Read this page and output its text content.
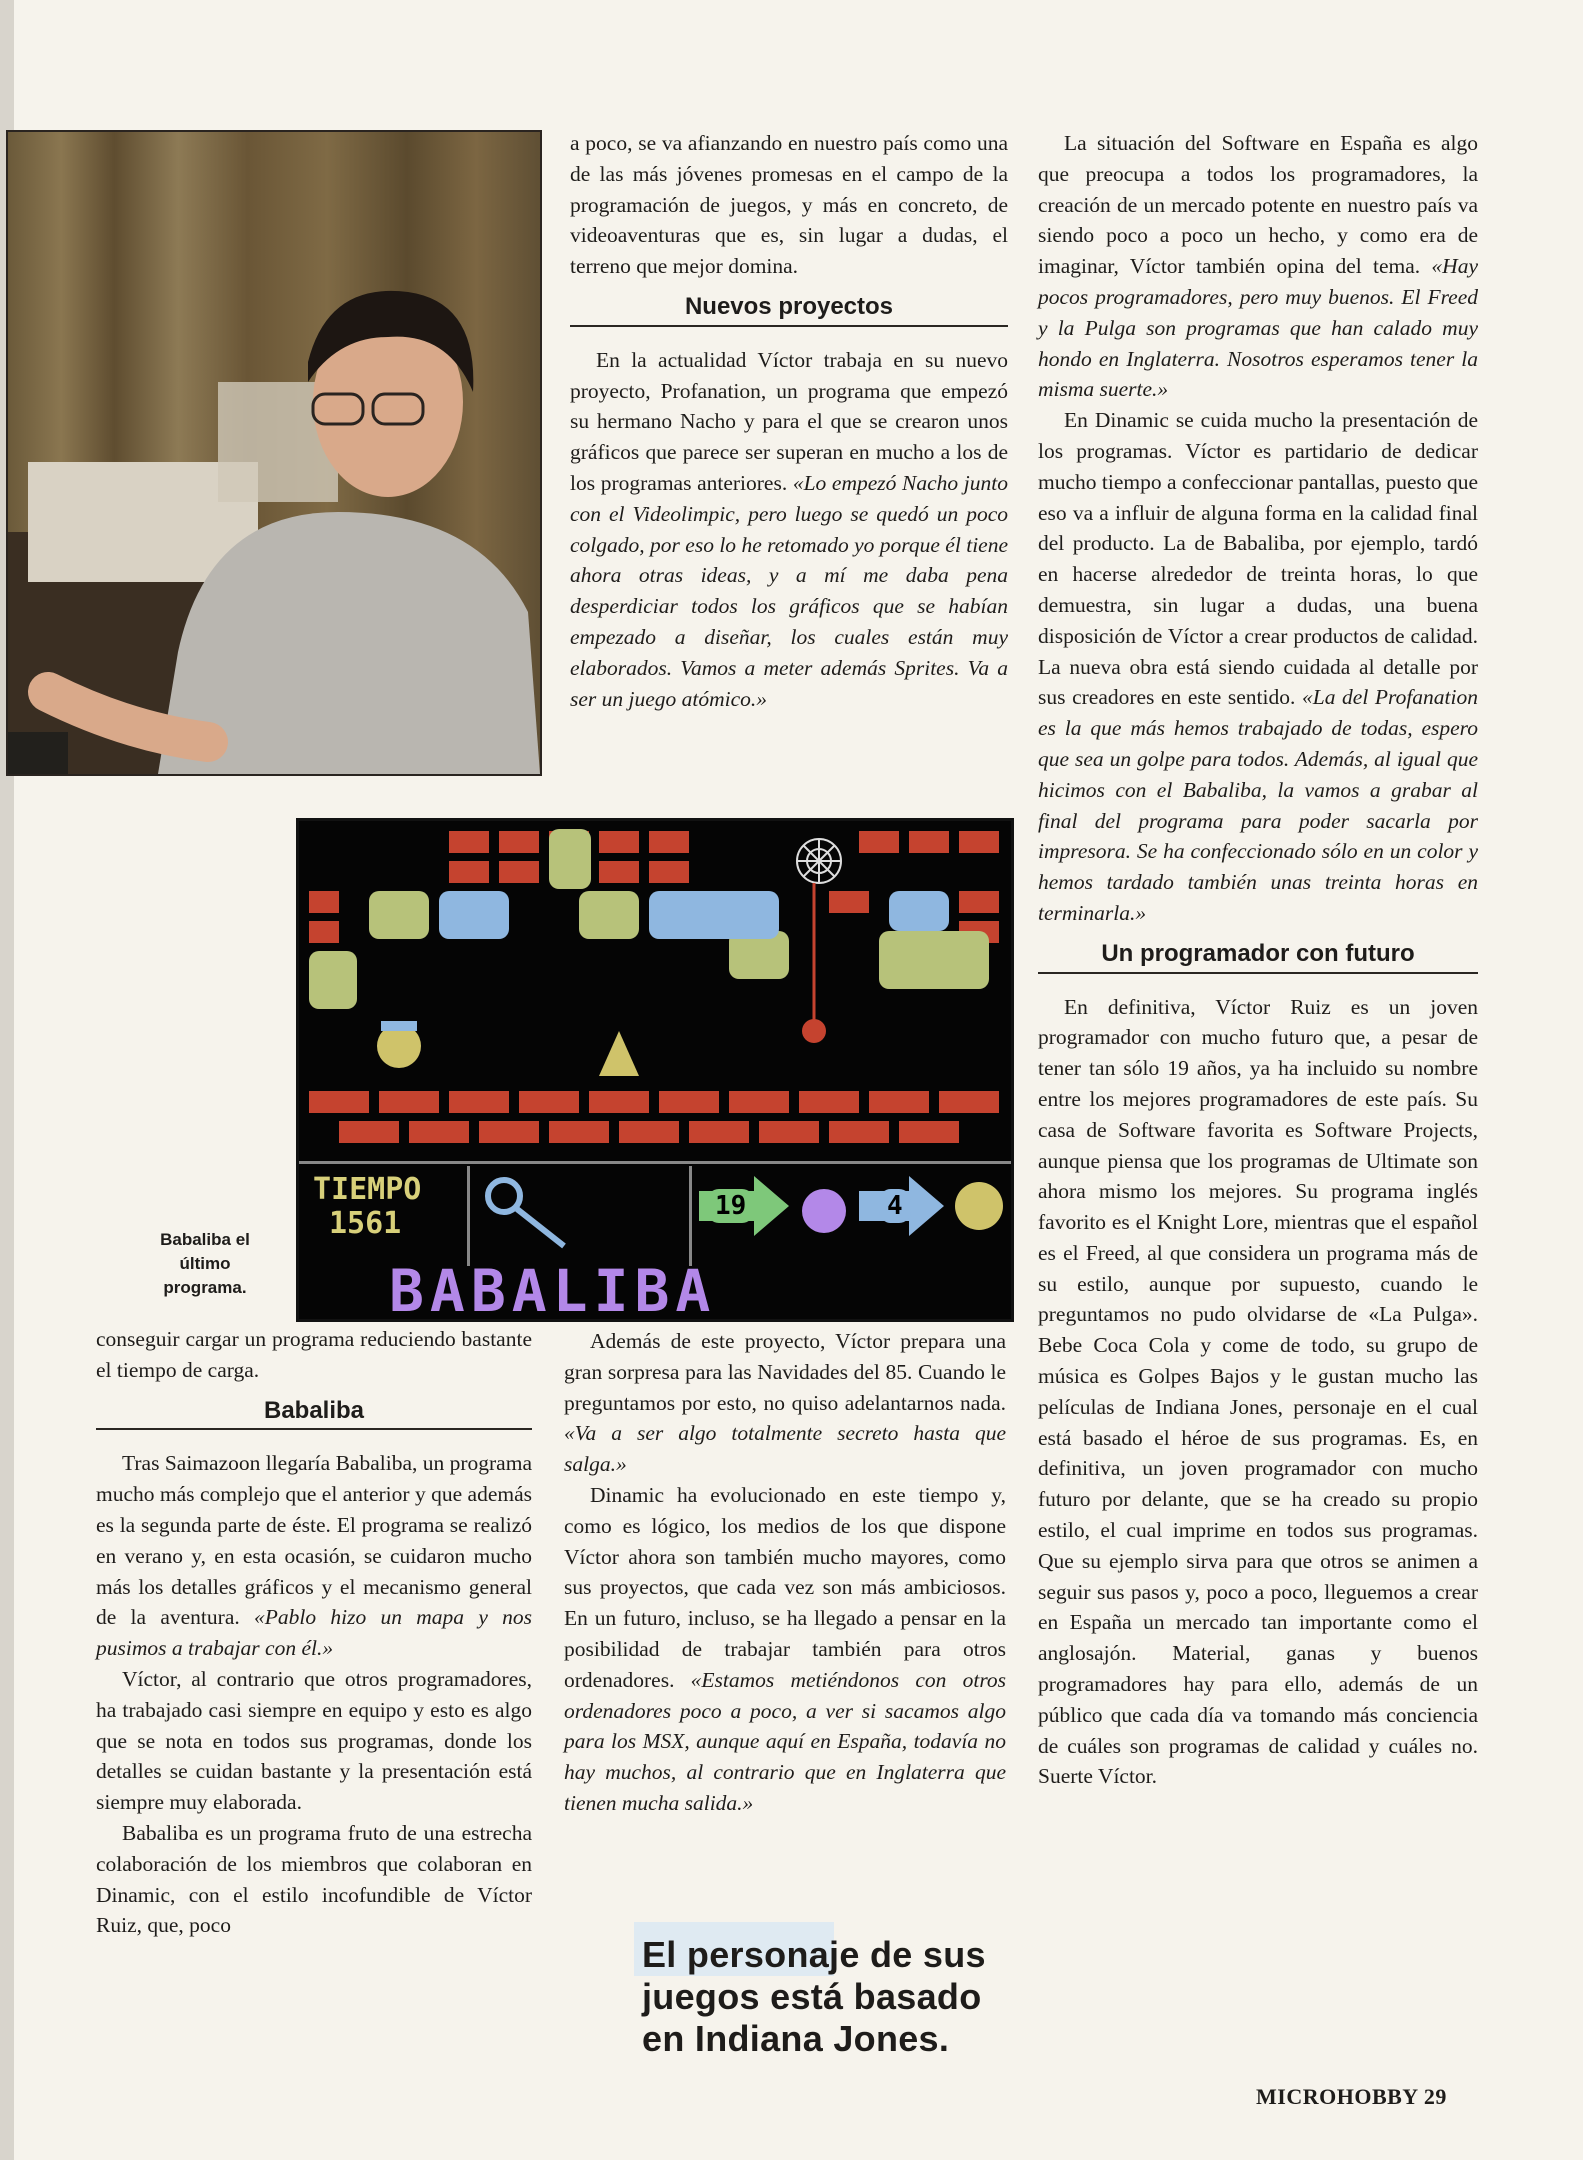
TIEMPO
1561	19	4
BABALIBA
Babaliba el último programa.

conseguir cargar un programa reduciendo bastante el tiempo de carga.

Babaliba

Tras Saimazoon llegaría Babaliba, un programa mucho más complejo que el anterior y que además es la segunda parte de éste. El programa se realizó en verano y, en esta ocasión, se cuidaron mucho más los detalles gráficos y el mecanismo general de la aventura. «Pablo hizo un mapa y nos pusimos a trabajar con él.»

Víctor, al contrario que otros programadores, ha trabajado casi siempre en equipo y esto es algo que se nota en todos sus programas, donde los detalles se cuidan bastante y la presentación está siempre muy elaborada.

Babaliba es un programa fruto de una estrecha colaboración de los miembros que colaboran en Dinamic, con el estilo incofundible de Víctor Ruiz, que, poco

a poco, se va afianzando en nuestro país como una de las más jóvenes promesas en el campo de la programación de juegos, y más en concreto, de videoaventuras que es, sin lugar a dudas, el terreno que mejor domina.

Nuevos proyectos

En la actualidad Víctor trabaja en su nuevo proyecto, Profanation, un programa que empezó su hermano Nacho y para el que se crearon unos gráficos que parece ser superan en mucho a los de los programas anteriores. «Lo empezó Nacho junto con el Videolimpic, pero luego se quedó un poco colgado, por eso lo he retomado yo porque él tiene ahora otras ideas, y a mí me daba pena desperdiciar todos los gráficos que se habían empezado a diseñar, los cuales están muy elaborados. Vamos a meter además Sprites. Va a ser un juego atómico.»

Además de este proyecto, Víctor prepara una gran sorpresa para las Navidades del 85. Cuando le preguntamos por esto, no quiso adelantarnos nada. «Va a ser algo totalmente secreto hasta que salga.»

Dinamic ha evolucionado en este tiempo y, como es lógico, los medios de los que dispone Víctor ahora son también mucho mayores, como sus proyectos, que cada vez son más ambiciosos. En un futuro, incluso, se ha llegado a pensar en la posibilidad de trabajar también para otros ordenadores. «Estamos metiéndonos con otros ordenadores poco a poco, a ver si sacamos algo para los MSX, aunque aquí en España, todavía no hay muchos, al contrario que en Inglaterra que tienen mucha salida.»

El personaje de sus juegos está basado en Indiana Jones.

La situación del Software en España es algo que preocupa a todos los programadores, la creación de un mercado potente en nuestro país va siendo poco a poco un hecho, y como era de imaginar, Víctor también opina del tema. «Hay pocos programadores, pero muy buenos. El Freed y la Pulga son programas que han calado muy hondo en Inglaterra. Nosotros esperamos tener la misma suerte.»

En Dinamic se cuida mucho la presentación de los programas. Víctor es partidario de dedicar mucho tiempo a confeccionar pantallas, puesto que eso va a influir de alguna forma en la calidad final del producto. La de Babaliba, por ejemplo, tardó en hacerse alrededor de treinta horas, lo que demuestra, sin lugar a dudas, una buena disposición de Víctor a crear productos de calidad. La nueva obra está siendo cuidada al detalle por sus creadores en este sentido. «La del Profanation es la que más hemos trabajado de todas, espero que sea un golpe para todos. Además, al igual que hicimos con el Babaliba, la vamos a grabar al final del programa para poder sacarla por impresora. Se ha confeccionado sólo en un color y hemos tardado también unas treinta horas en terminarla.»

Un programador con futuro

En definitiva, Víctor Ruiz es un joven programador con mucho futuro que, a pesar de tener tan sólo 19 años, ya ha incluido su nombre entre los mejores programadores de este país. Su casa de Software favorita es Software Projects, aunque piensa que los programas de Ultimate son ahora mismo los mejores. Su programa inglés favorito es el Knight Lore, mientras que el español es el Freed, al que considera un programa más de su estilo, aunque por supuesto, cuando le preguntamos no pudo olvidarse de «La Pulga». Bebe Coca Cola y come de todo, su grupo de música es Golpes Bajos y le gustan mucho las películas de Indiana Jones, personaje en el cual está basado el héroe de sus programas. Es, en definitiva, un joven programador con mucho futuro por delante, que se ha creado su propio estilo, el cual imprime en todos sus programas. Que su ejemplo sirva para que otros se animen a seguir sus pasos y, poco a poco, lleguemos a crear en España un mercado tan importante como el anglosajón. Material, ganas y buenos programadores hay para ello, además de un público que cada día va tomando más conciencia de cuáles son programas de calidad y cuáles no. Suerte Víctor.

MICROHOBBY 29
